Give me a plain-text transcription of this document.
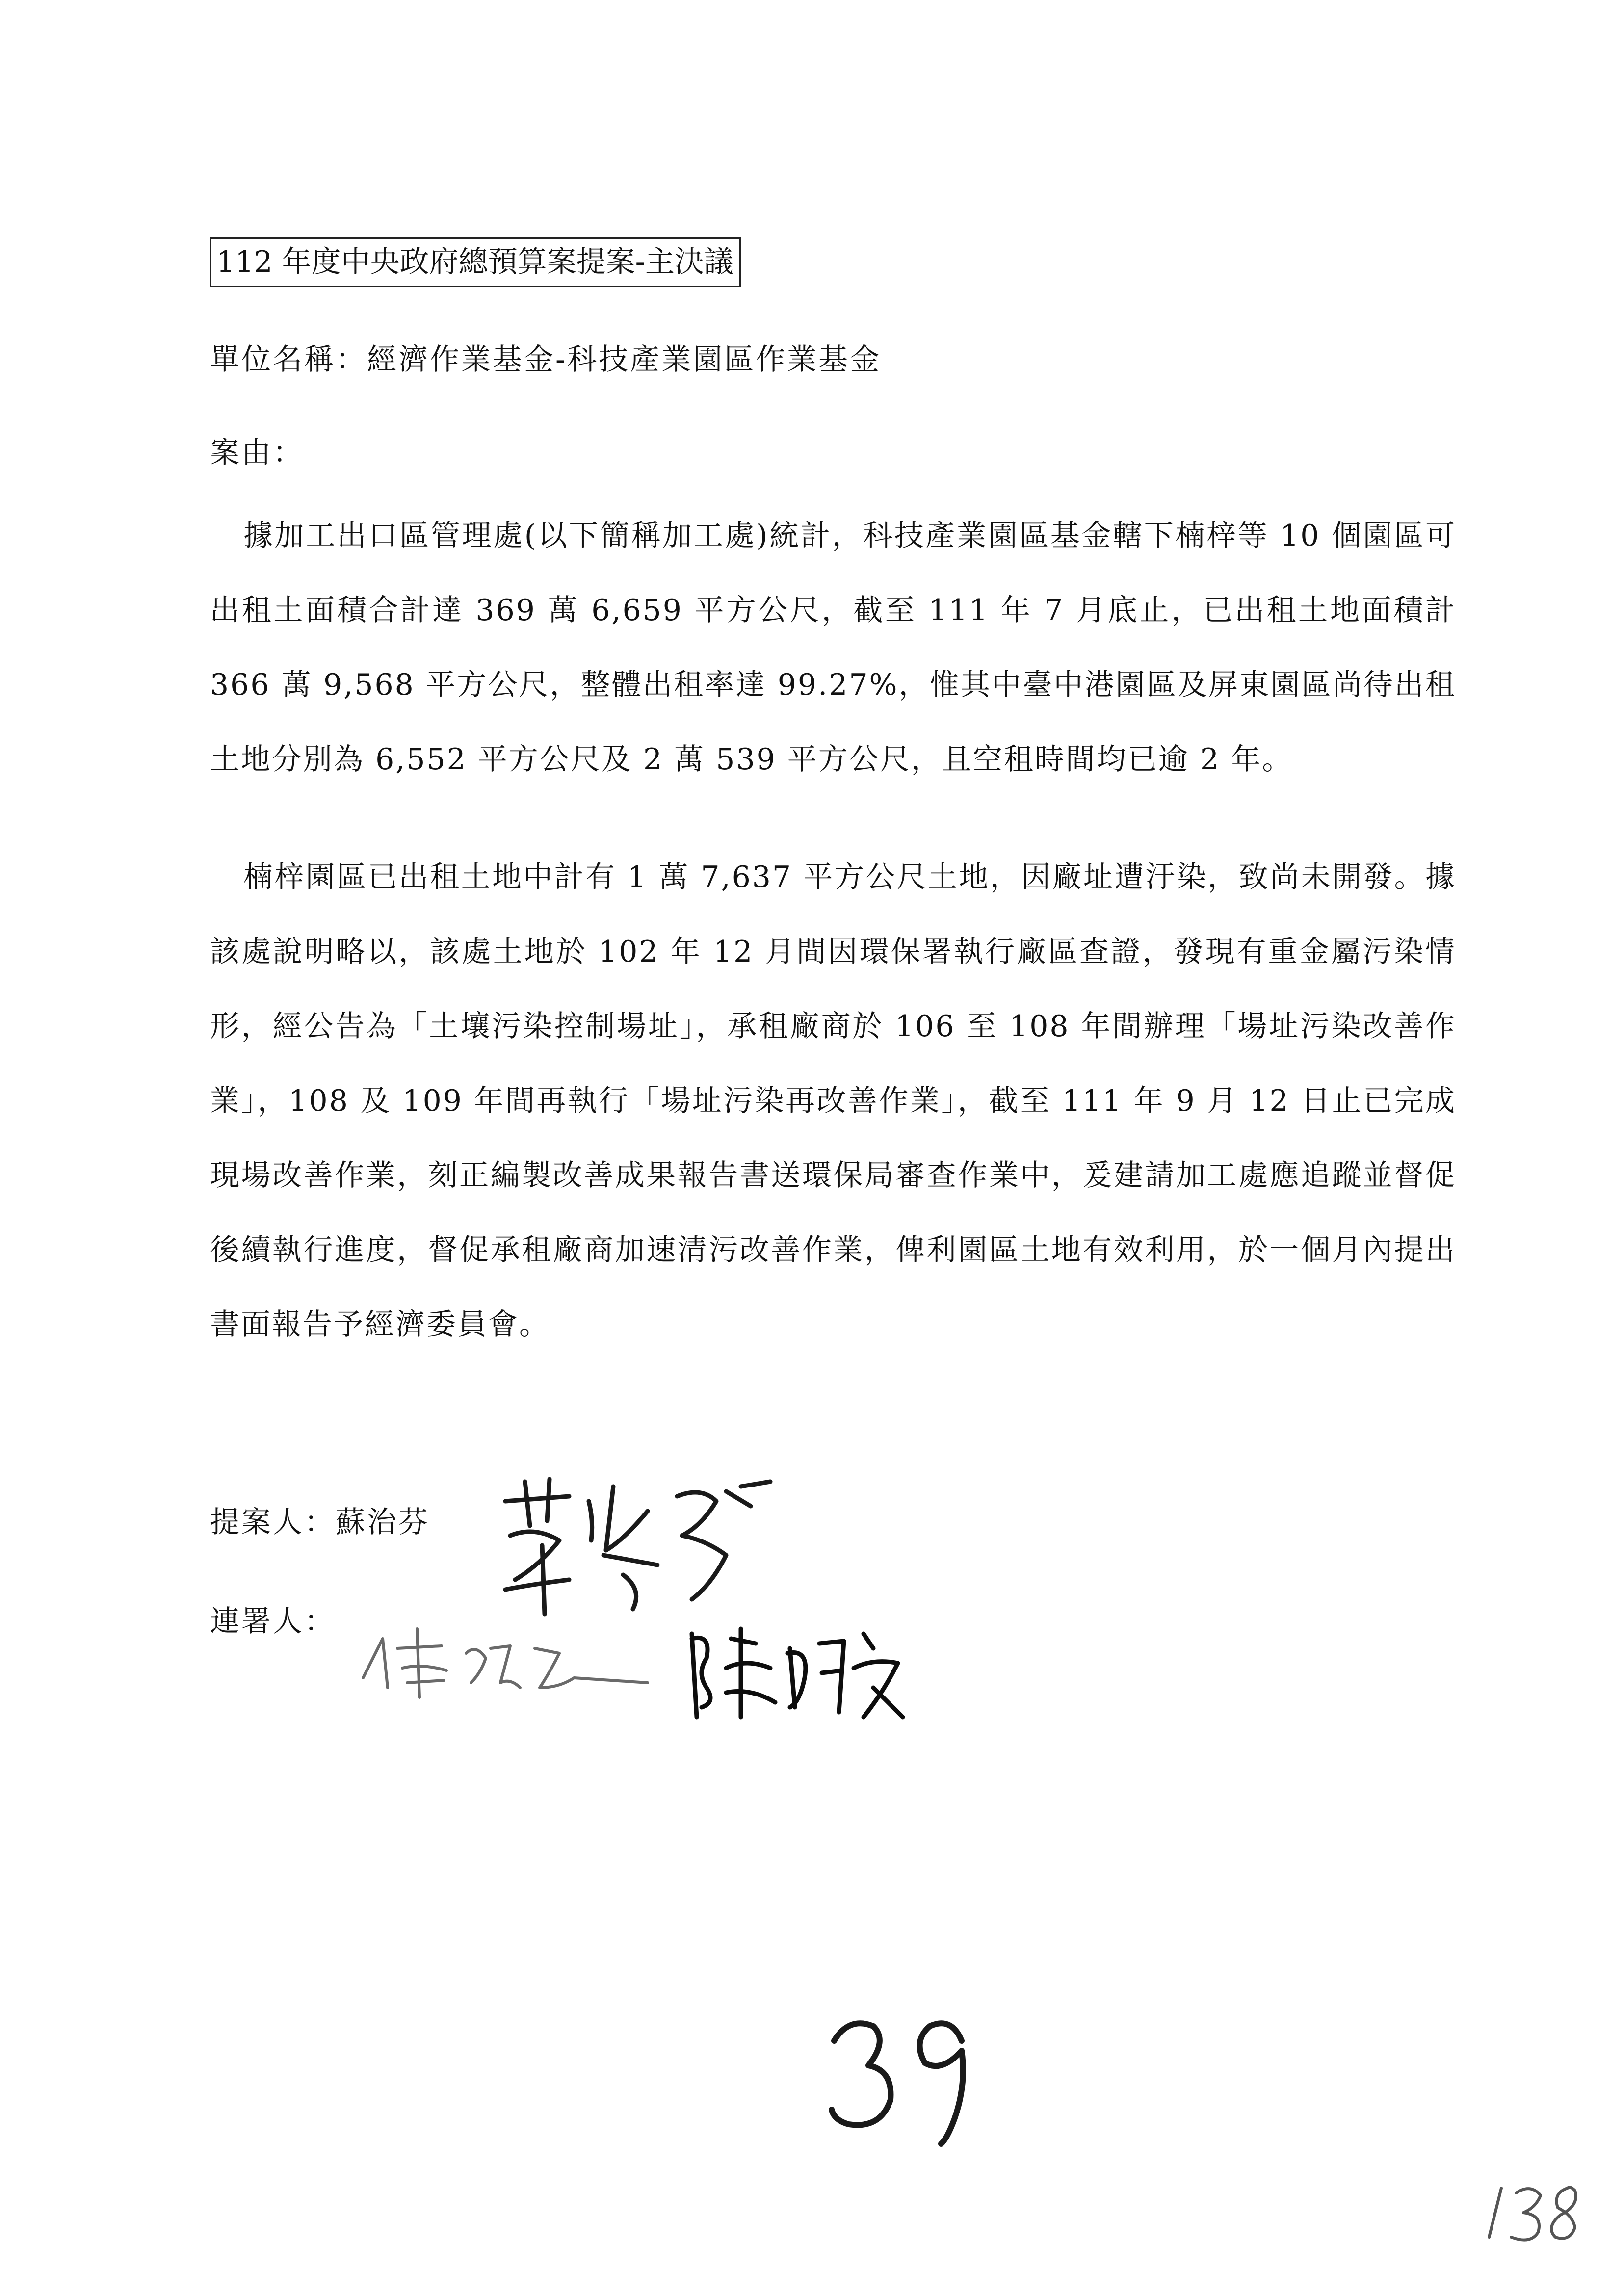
112 年度中央政府總預算案提案-主決議
單位名稱：經濟作業基金-科技產業園區作業基金
案由：

據加工出口區管理處(以下簡稱加工處)統計，科技產業園區基金轄下楠梓等 10 個園區可出租土面積合計達 369 萬 6,659 平方公尺，截至 111 年 7 月底止，已出租土地面積計 366 萬 9,568 平方公尺，整體出租率達 99.27%，惟其中臺中港園區及屏東園區尚待出租土地分別為 6,552 平方公尺及 2 萬 539 平方公尺，且空租時間均已逾 2 年。

楠梓園區已出租土地中計有 1 萬 7,637 平方公尺土地，因廠址遭汙染，致尚未開發。據該處說明略以，該處土地於 102 年 12 月間因環保署執行廠區查證，發現有重金屬污染情形，經公告為「土壤污染控制場址」，承租廠商於 106 至 108 年間辦理「場址污染改善作業」，108 及 109 年間再執行「場址污染再改善作業」，截至 111 年 9 月 12 日止已完成現場改善作業，刻正編製改善成果報告書送環保局審查作業中，爰建請加工處應追蹤並督促後續執行進度，督促承租廠商加速清污改善作業，俾利園區土地有效利用，於一個月內提出書面報告予經濟委員會。

提案人：蘇治芬
連署人：
